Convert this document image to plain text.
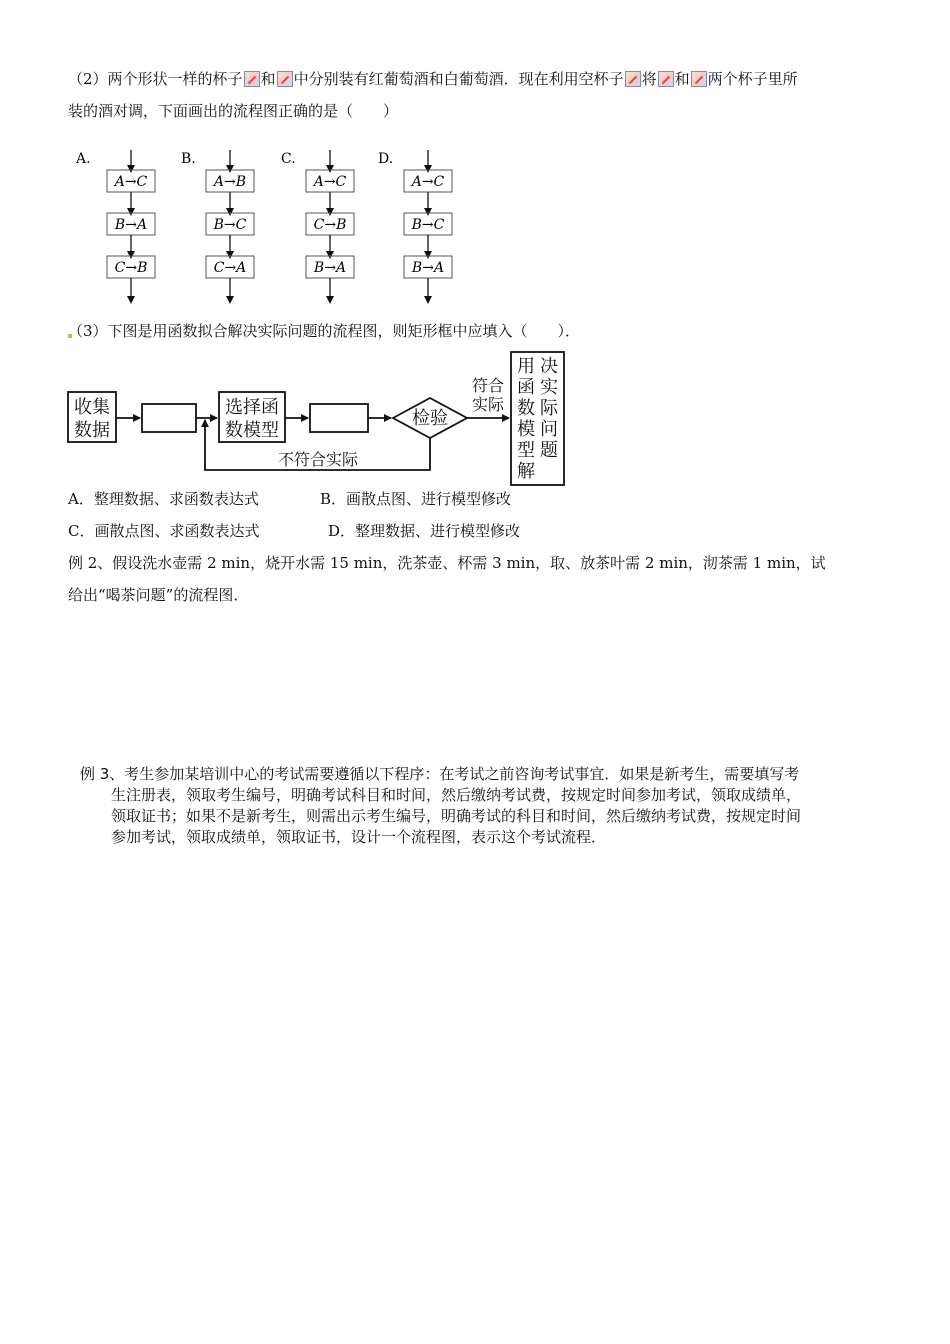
（2）两个形状一样的杯子 和 中分别装有红葡萄酒和白葡萄酒．现在利用空杯子 将 和 两个杯子里所
装的酒对调，下面画出的流程图正确的是（　　）
A.
A→C
B→A
C→B
B.
A→B
B→C
C→A
C.
A→C
C→B
B→A
D.
A→C
B→C
B→A
（3）下图是用函数拟合解决实际问题的流程图，则矩形框中应填入（　　）．
收集
数据
选择函
数模型
检验
符合
实际
不符合实际
用
函
数
模
型
解
决
实
际
问
题
A．整理数据、求函数表达式	B．画散点图、进行模型修改
C．画散点图、求函数表达式	D．整理数据、进行模型修改
例 2、假设洗水壶需 2 min，烧开水需 15 min，洗茶壶、杯需 3 min，取、放茶叶需 2 min，沏茶需 1 min，试
给出“喝茶问题”的流程图．
例 3、考生参加某培训中心的考试需要遵循以下程序：在考试之前咨询考试事宜．如果是新考生，需要填写考
生注册表，领取考生编号，明确考试科目和时间，然后缴纳考试费，按规定时间参加考试，领取成绩单，
领取证书；如果不是新考生，则需出示考生编号，明确考试的科目和时间，然后缴纳考试费，按规定时间
参加考试，领取成绩单，领取证书，设计一个流程图，表示这个考试流程．
